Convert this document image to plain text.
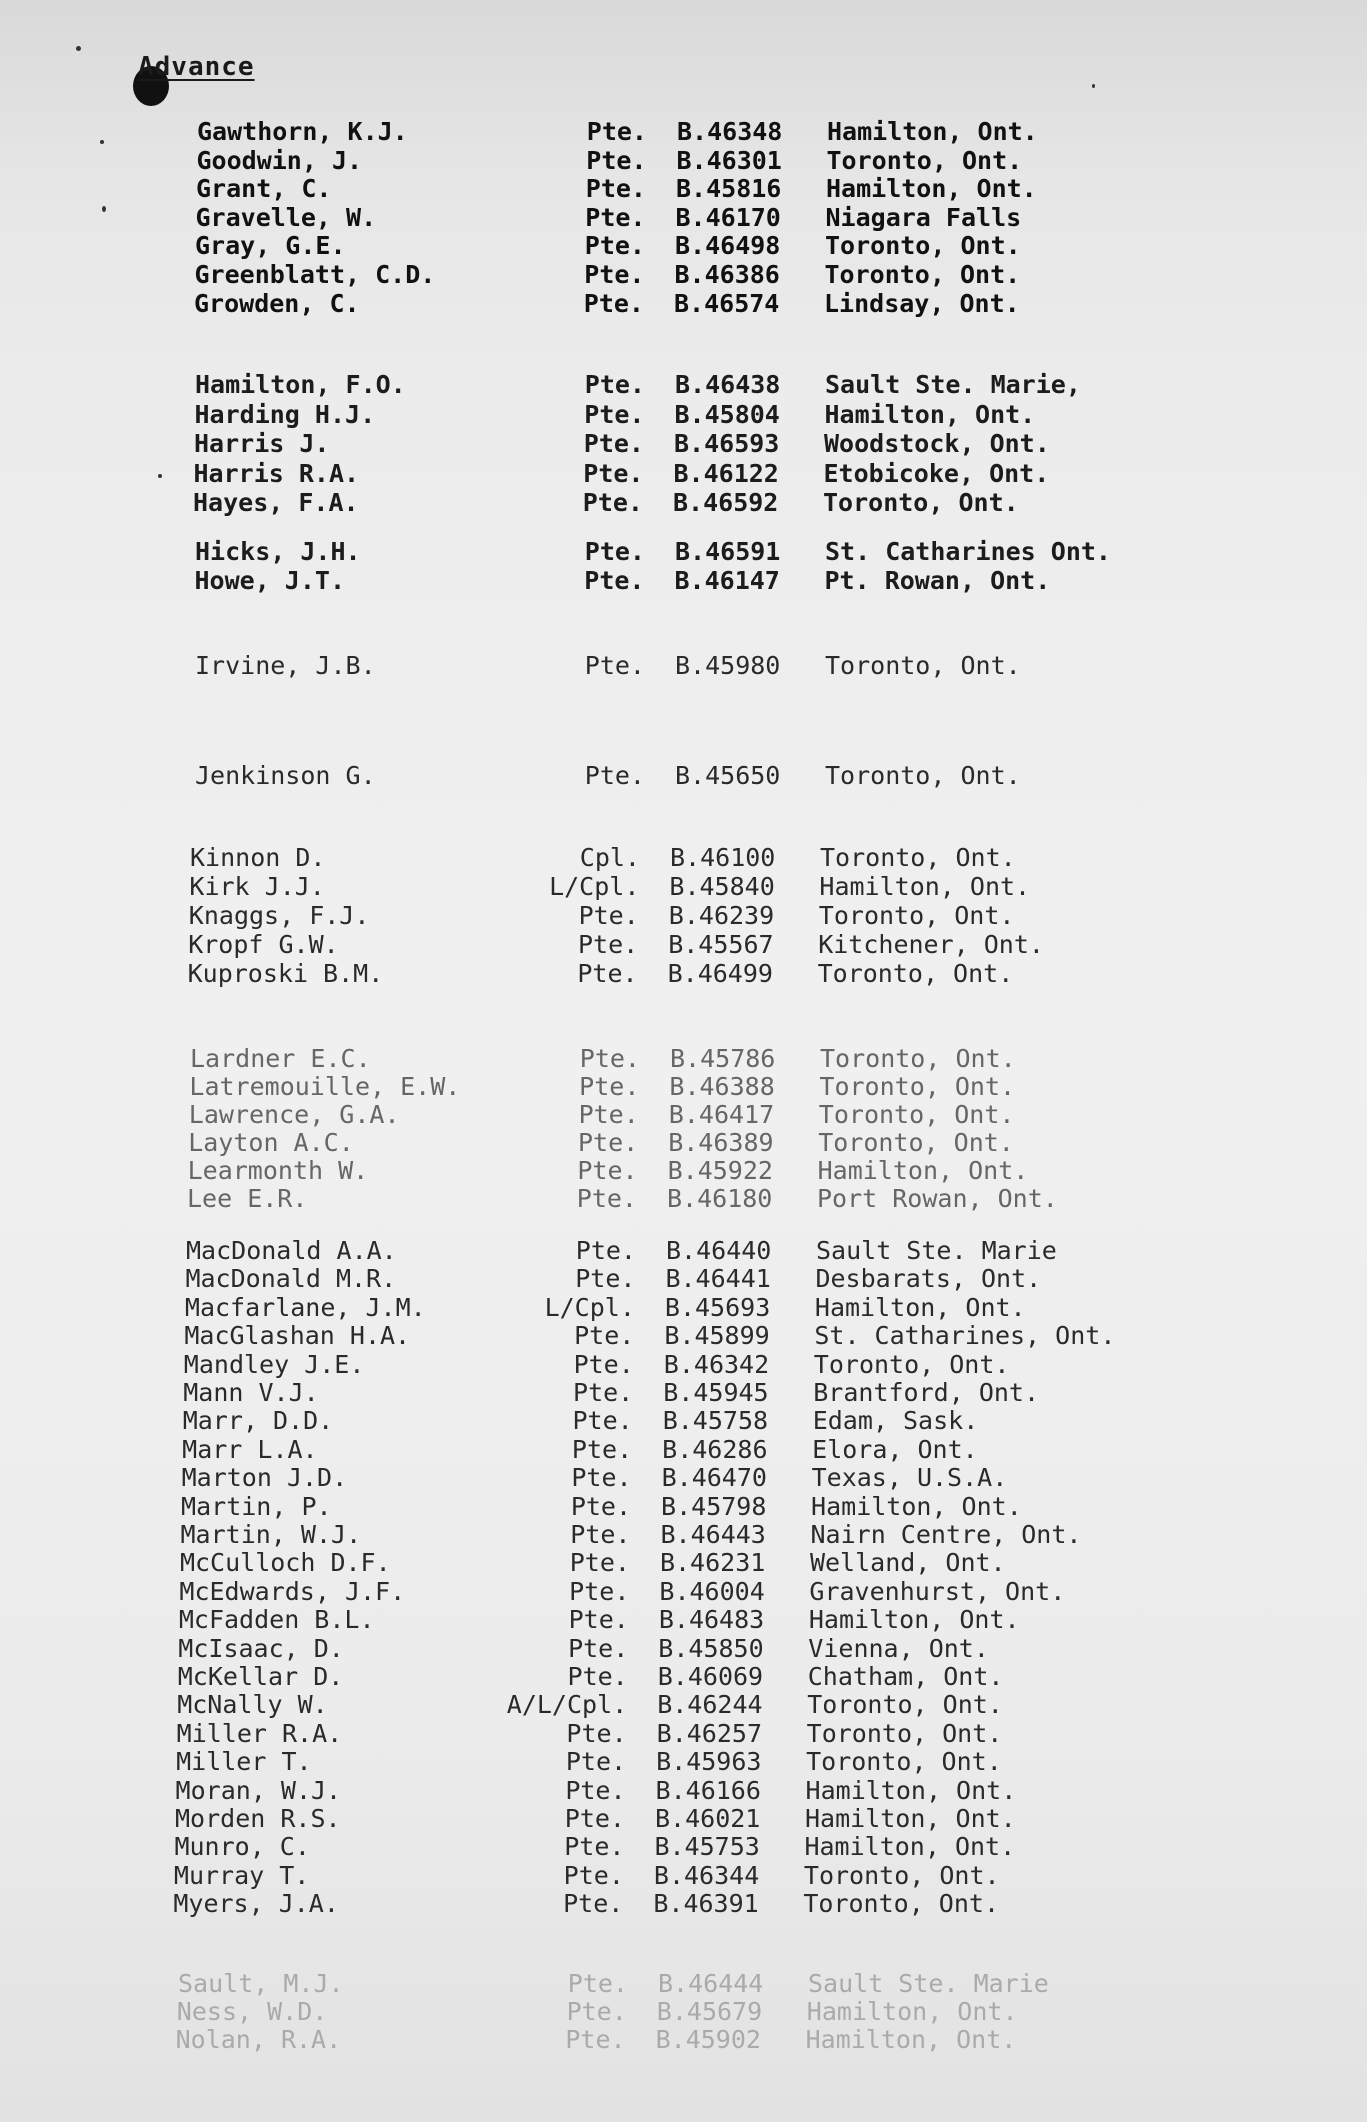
Advance
Gawthorn, K.J.	Pte. B.46348 Hamilton, Ont.
Goodwin, J.	Pte. B.46301 Toronto, Ont.
Grant, C.	Pte. B.45816 Hamilton, Ont.
Gravelle, W.	Pte. B.46170 Niagara Falls
Gray, G.E.	Pte. B.46498 Toronto, Ont.
Greenblatt, C.D.	Pte. B.46386 Toronto, Ont.
Growden, C.	Pte. B.46574 Lindsay, Ont.
Hamilton, F.O.	Pte. B.46438 Sault Ste. Marie,
Harding H.J.	Pte. B.45804 Hamilton, Ont.
Harris J.	Pte. B.46593 Woodstock, Ont.
Harris R.A.	Pte. B.46122 Etobicoke, Ont.
Hayes, F.A.	Pte. B.46592 Toronto, Ont.
Hicks, J.H.	Pte. B.46591 St. Catharines Ont.
Howe, J.T.	Pte. B.46147 Pt. Rowan, Ont.
Irvine, J.B.	Pte. B.45980 Toronto, Ont.
Jenkinson G.	Pte. B.45650 Toronto, Ont.
Kinnon D.	Cpl. B.46100 Toronto, Ont.
Kirk J.J.	L/Cpl. B.45840 Hamilton, Ont.
Knaggs, F.J.	Pte. B.46239 Toronto, Ont.
Kropf G.W.	Pte. B.45567 Kitchener, Ont.
Kuproski B.M.	Pte. B.46499 Toronto, Ont.
Lardner E.C.	Pte. B.45786 Toronto, Ont.
Latremouille, E.W.	Pte. B.46388 Toronto, Ont.
Lawrence, G.A.	Pte. B.46417 Toronto, Ont.
Layton A.C.	Pte. B.46389 Toronto, Ont.
Learmonth W.	Pte. B.45922 Hamilton, Ont.
Lee E.R.	Pte. B.46180 Port Rowan, Ont.
MacDonald A.A.	Pte. B.46440 Sault Ste. Marie
MacDonald M.R.	Pte. B.46441 Desbarats, Ont.
Macfarlane, J.M.	L/Cpl. B.45693 Hamilton, Ont.
MacGlashan H.A.	Pte. B.45899 St. Catharines, Ont.
Mandley J.E.	Pte. B.46342 Toronto, Ont.
Mann V.J.	Pte. B.45945 Brantford, Ont.
Marr, D.D.	Pte. B.45758 Edam, Sask.
Marr L.A.	Pte. B.46286 Elora, Ont.
Marton J.D.	Pte. B.46470 Texas, U.S.A.
Martin, P.	Pte. B.45798 Hamilton, Ont.
Martin, W.J.	Pte. B.46443 Nairn Centre, Ont.
McCulloch D.F.	Pte. B.46231 Welland, Ont.
McEdwards, J.F.	Pte. B.46004 Gravenhurst, Ont.
McFadden B.L.	Pte. B.46483 Hamilton, Ont.
McIsaac, D.	Pte. B.45850 Vienna, Ont.
McKellar D.	Pte. B.46069 Chatham, Ont.
McNally W.	A/L/Cpl. B.46244 Toronto, Ont.
Miller R.A.	Pte. B.46257 Toronto, Ont.
Miller T.	Pte. B.45963 Toronto, Ont.
Moran, W.J.	Pte. B.46166 Hamilton, Ont.
Morden R.S.	Pte. B.46021 Hamilton, Ont.
Munro, C.	Pte. B.45753 Hamilton, Ont.
Murray T.	Pte. B.46344 Toronto, Ont.
Myers, J.A.	Pte. B.46391 Toronto, Ont.
Sault, M.J.	Pte. B.46444 Sault Ste. Marie
Ness, W.D.	Pte. B.45679 Hamilton, Ont.
Nolan, R.A.	Pte. B.45902 Hamilton, Ont.
